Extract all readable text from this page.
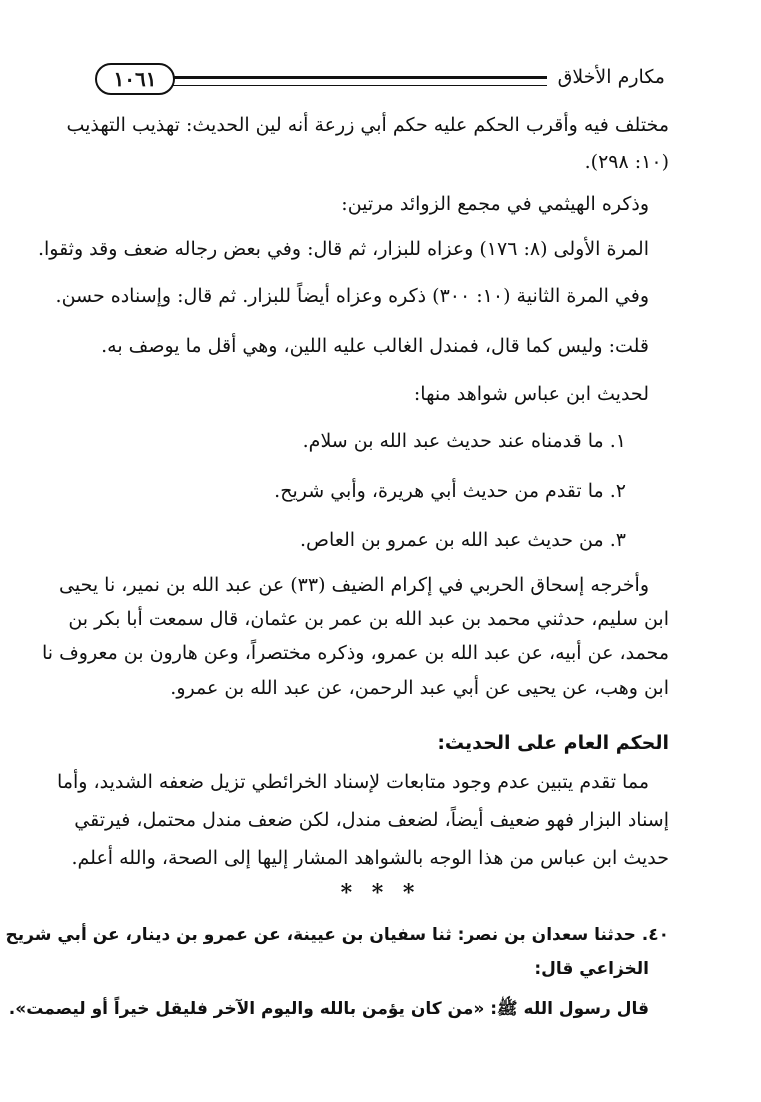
١٠٦١	مكارم الأخلاق
مختلف فيه وأقرب الحكم عليه حكم أبي زرعة أنه لين الحديث: تهذيب التهذيب
(١٠: ٢٩٨).
وذكره الهيثمي في مجمع الزوائد مرتين:
المرة الأولى (٨: ١٧٦) وعزاه للبزار، ثم قال: وفي بعض رجاله ضعف وقد وثقوا.
وفي المرة الثانية (١٠: ٣٠٠) ذكره وعزاه أيضاً للبزار. ثم قال: وإسناده حسن.
قلت: وليس كما قال، فمندل الغالب عليه اللين، وهي أقل ما يوصف به.
لحديث ابن عباس شواهد منها:
١. ما قدمناه عند حديث عبد الله بن سلام.
٢. ما تقدم من حديث أبي هريرة، وأبي شريح.
٣. من حديث عبد الله بن عمرو بن العاص.
وأخرجه إسحاق الحربي في إكرام الضيف (٣٣) عن عبد الله بن نمير، نا يحيى
ابن سليم، حدثني محمد بن عبد الله بن عمر بن عثمان، قال سمعت أبا بكر بن
محمد، عن أبيه، عن عبد الله بن عمرو، وذكره مختصراً، وعن هارون بن معروف نا
ابن وهب، عن يحيى عن أبي عبد الرحمن، عن عبد الله بن عمرو.
الحكم العام على الحديث:
مما تقدم يتبين عدم وجود متابعات لإسناد الخرائطي تزيل ضعفه الشديد، وأما
إسناد البزار فهو ضعيف أيضاً، لضعف مندل، لكن ضعف مندل محتمل، فيرتقي
حديث ابن عباس من هذا الوجه بالشواهد المشار إليها إلى الصحة، والله أعلم.
* * *
٤٠. حدثنا سعدان بن نصر: ثنا سفيان بن عيينة، عن عمرو بن دينار، عن أبي شريح
الخزاعي قال:
قال رسول الله ﷺ: «من كان يؤمن بالله واليوم الآخر فليقل خيراً أو ليصمت».
